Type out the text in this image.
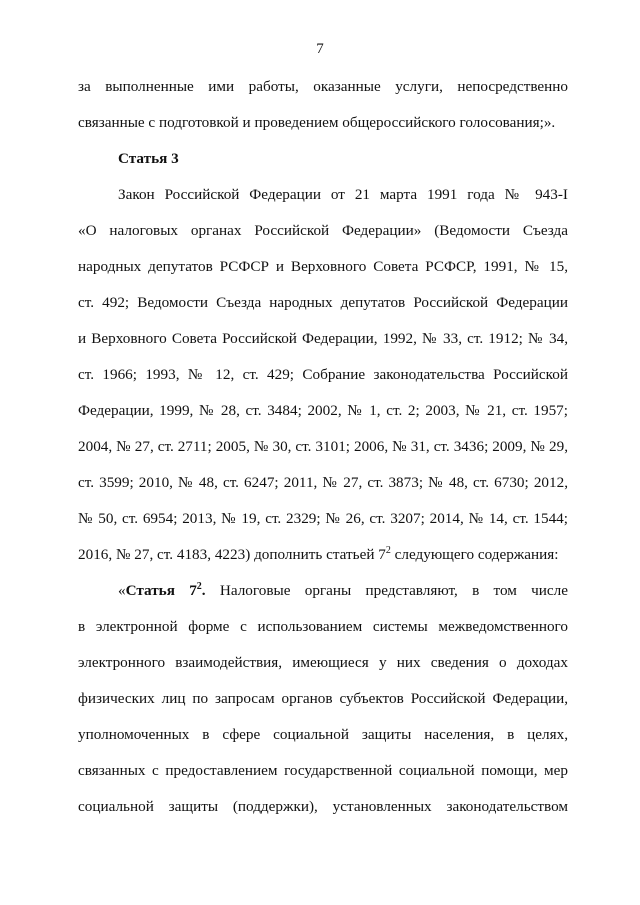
7
за выполненные ими работы, оказанные услуги, непосредственно
связанные с подготовкой и проведением общероссийского голосования;».
Статья 3
Закон Российской Федерации от 21 марта 1991 года № 943-I
«О налоговых органах Российской Федерации» (Ведомости Съезда
народных депутатов РСФСР и Верховного Совета РСФСР, 1991, № 15,
ст. 492; Ведомости Съезда народных депутатов Российской Федерации
и Верховного Совета Российской Федерации, 1992, № 33, ст. 1912; № 34,
ст. 1966; 1993, № 12, ст. 429; Собрание законодательства Российской
Федерации, 1999, № 28, ст. 3484; 2002, № 1, ст. 2; 2003, № 21, ст. 1957;
2004, № 27, ст. 2711; 2005, № 30, ст. 3101; 2006, № 31, ст. 3436; 2009, № 29,
ст. 3599; 2010, № 48, ст. 6247; 2011, № 27, ст. 3873; № 48, ст. 6730; 2012,
№ 50, ст. 6954; 2013, № 19, ст. 2329; № 26, ст. 3207; 2014, № 14, ст. 1544;
2016, № 27, ст. 4183, 4223) дополнить статьей $7^2$ следующего содержания:
«Статья $7^2$. Налоговые органы представляют, в том числе
в электронной форме с использованием системы межведомственного
электронного взаимодействия, имеющиеся у них сведения о доходах
физических лиц по запросам органов субъектов Российской Федерации,
уполномоченных в сфере социальной защиты населения, в целях,
связанных с предоставлением государственной социальной помощи, мер
социальной защиты (поддержки), установленных законодательством
